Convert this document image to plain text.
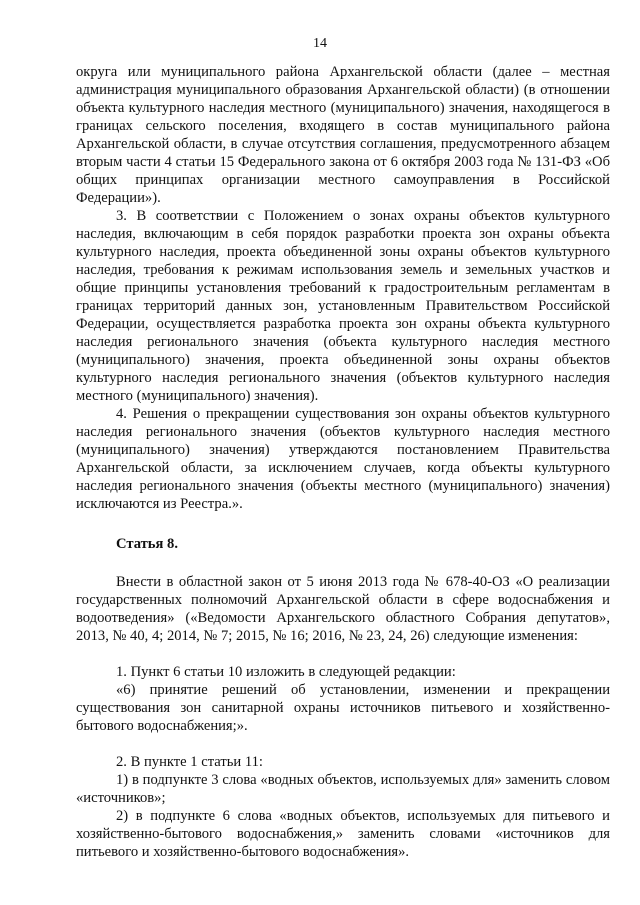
14

округа или муниципального района Архангельской области (далее – местная администрация муниципального образования Архангельской области) (в отношении объекта культурного наследия местного (муниципального) значения, находящегося в границах сельского поселения, входящего в состав муниципального района Архангельской области, в случае отсутствия соглашения, предусмотренного абзацем вторым части 4 статьи 15 Федерального закона от 6 октября 2003 года № 131-ФЗ «Об общих принципах организации местного самоуправления в Российской Федерации»).

3. В соответствии с Положением о зонах охраны объектов культурного наследия, включающим в себя порядок разработки проекта зон охраны объекта культурного наследия, проекта объединенной зоны охраны объектов культурного наследия, требования к режимам использования земель и земельных участков и общие принципы установления требований к градостроительным регламентам в границах территорий данных зон, установленным Правительством Российской Федерации, осуществляется разработка проекта зон охраны объекта культурного наследия регионального значения (объекта культурного наследия местного (муниципального) значения, проекта объединенной зоны охраны объектов культурного наследия регионального значения (объектов культурного наследия местного (муниципального) значения).

4. Решения о прекращении существования зон охраны объектов культурного наследия регионального значения (объектов культурного наследия местного (муниципального) значения) утверждаются постановлением Правительства Архангельской области, за исключением случаев, когда объекты культурного наследия регионального значения (объекты местного (муниципального) значения) исключаются из Реестра.».

Статья 8.

Внести в областной закон от 5 июня 2013 года № 678-40-ОЗ «О реализации государственных полномочий Архангельской области в сфере водоснабжения и водоотведения» («Ведомости Архангельского областного Собрания депутатов», 2013, № 40, 4; 2014, № 7; 2015, № 16; 2016, № 23, 24, 26) следующие изменения:

1. Пункт 6 статьи 10 изложить в следующей редакции:

«6) принятие решений об установлении, изменении и прекращении существования зон санитарной охраны источников питьевого и хозяйственно-бытового водоснабжения;».

2. В пункте 1 статьи 11:

1) в подпункте 3 слова «водных объектов, используемых для» заменить словом «источников»;

2) в подпункте 6 слова «водных объектов, используемых для питьевого и хозяйственно-бытового водоснабжения,» заменить словами «источников для питьевого и хозяйственно-бытового водоснабжения».
